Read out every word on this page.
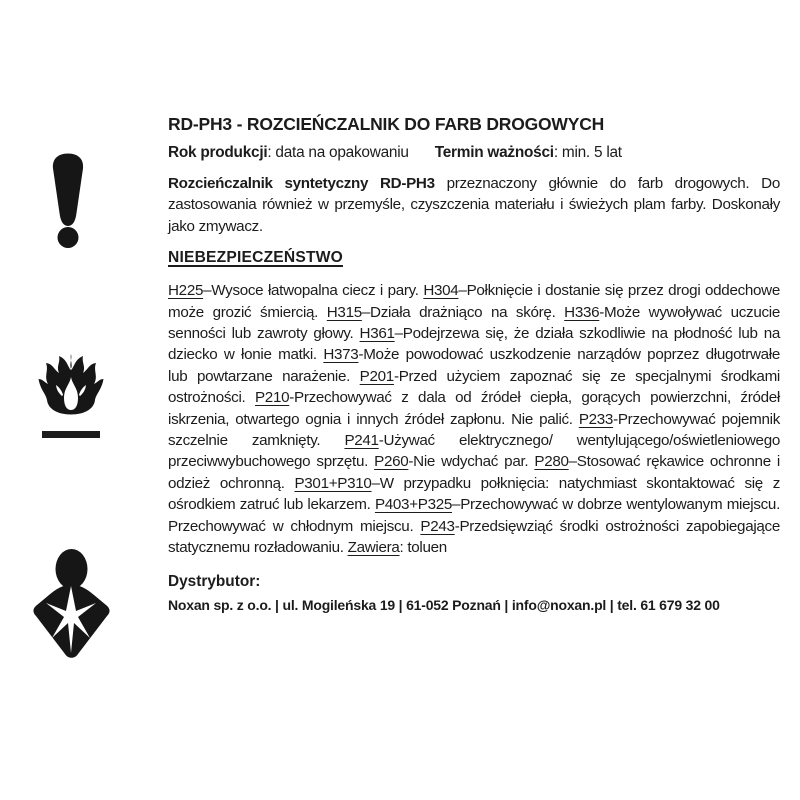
RD-PH3 - ROZCIEŃCZALNIK DO FARB DROGOWYCH

Rok produkcji: data na opakowaniu Termin ważności: min. 5 lat

Rozcieńczalnik syntetyczny RD-PH3 przeznaczony głównie do farb drogowych. Do zastosowania również w przemyśle, czyszczenia materiału i świeżych plam farby. Doskonały jako zmywacz.

NIEBEZPIECZEŃSTWO

H225–Wysoce łatwopalna ciecz i pary. H304–Połknięcie i dostanie się przez drogi oddechowe może grozić śmiercią. H315–Działa drażniąco na skórę. H336-Może wywoływać uczucie senności lub zawroty głowy. H361–Podejrzewa się, że działa szkodliwie na płodność lub na dziecko w łonie matki. H373-Może powodować uszkodzenie narządów poprzez długotrwałe lub powtarzane narażenie. P201-Przed użyciem zapoznać się ze specjalnymi środkami ostrożności. P210-Przechowywać z dala od źródeł ciepła, gorących powierzchni, źródeł iskrzenia, otwartego ognia i innych źródeł zapłonu. Nie palić. P233-Przechowywać pojemnik szczelnie zamknięty. P241-Używać elektrycznego/ wentylującego/oświetleniowego przeciwwybuchowego sprzętu. P260-Nie wdychać par. P280–Stosować rękawice ochronne i odzież ochronną. P301+P310–W przypadku połknięcia: natychmiast skontaktować się z ośrodkiem zatruć lub lekarzem. P403+P325–Przechowywać w dobrze wentylowanym miejscu. Przechowywać w chłodnym miejscu. P243-Przedsięwziąć środki ostrożności zapobiegające statycznemu rozładowaniu. Zawiera: toluen

Dystrybutor:

Noxan sp. z o.o. | ul. Mogileńska 19 | 61-052 Poznań | info@noxan.pl | tel. 61 679 32 00
